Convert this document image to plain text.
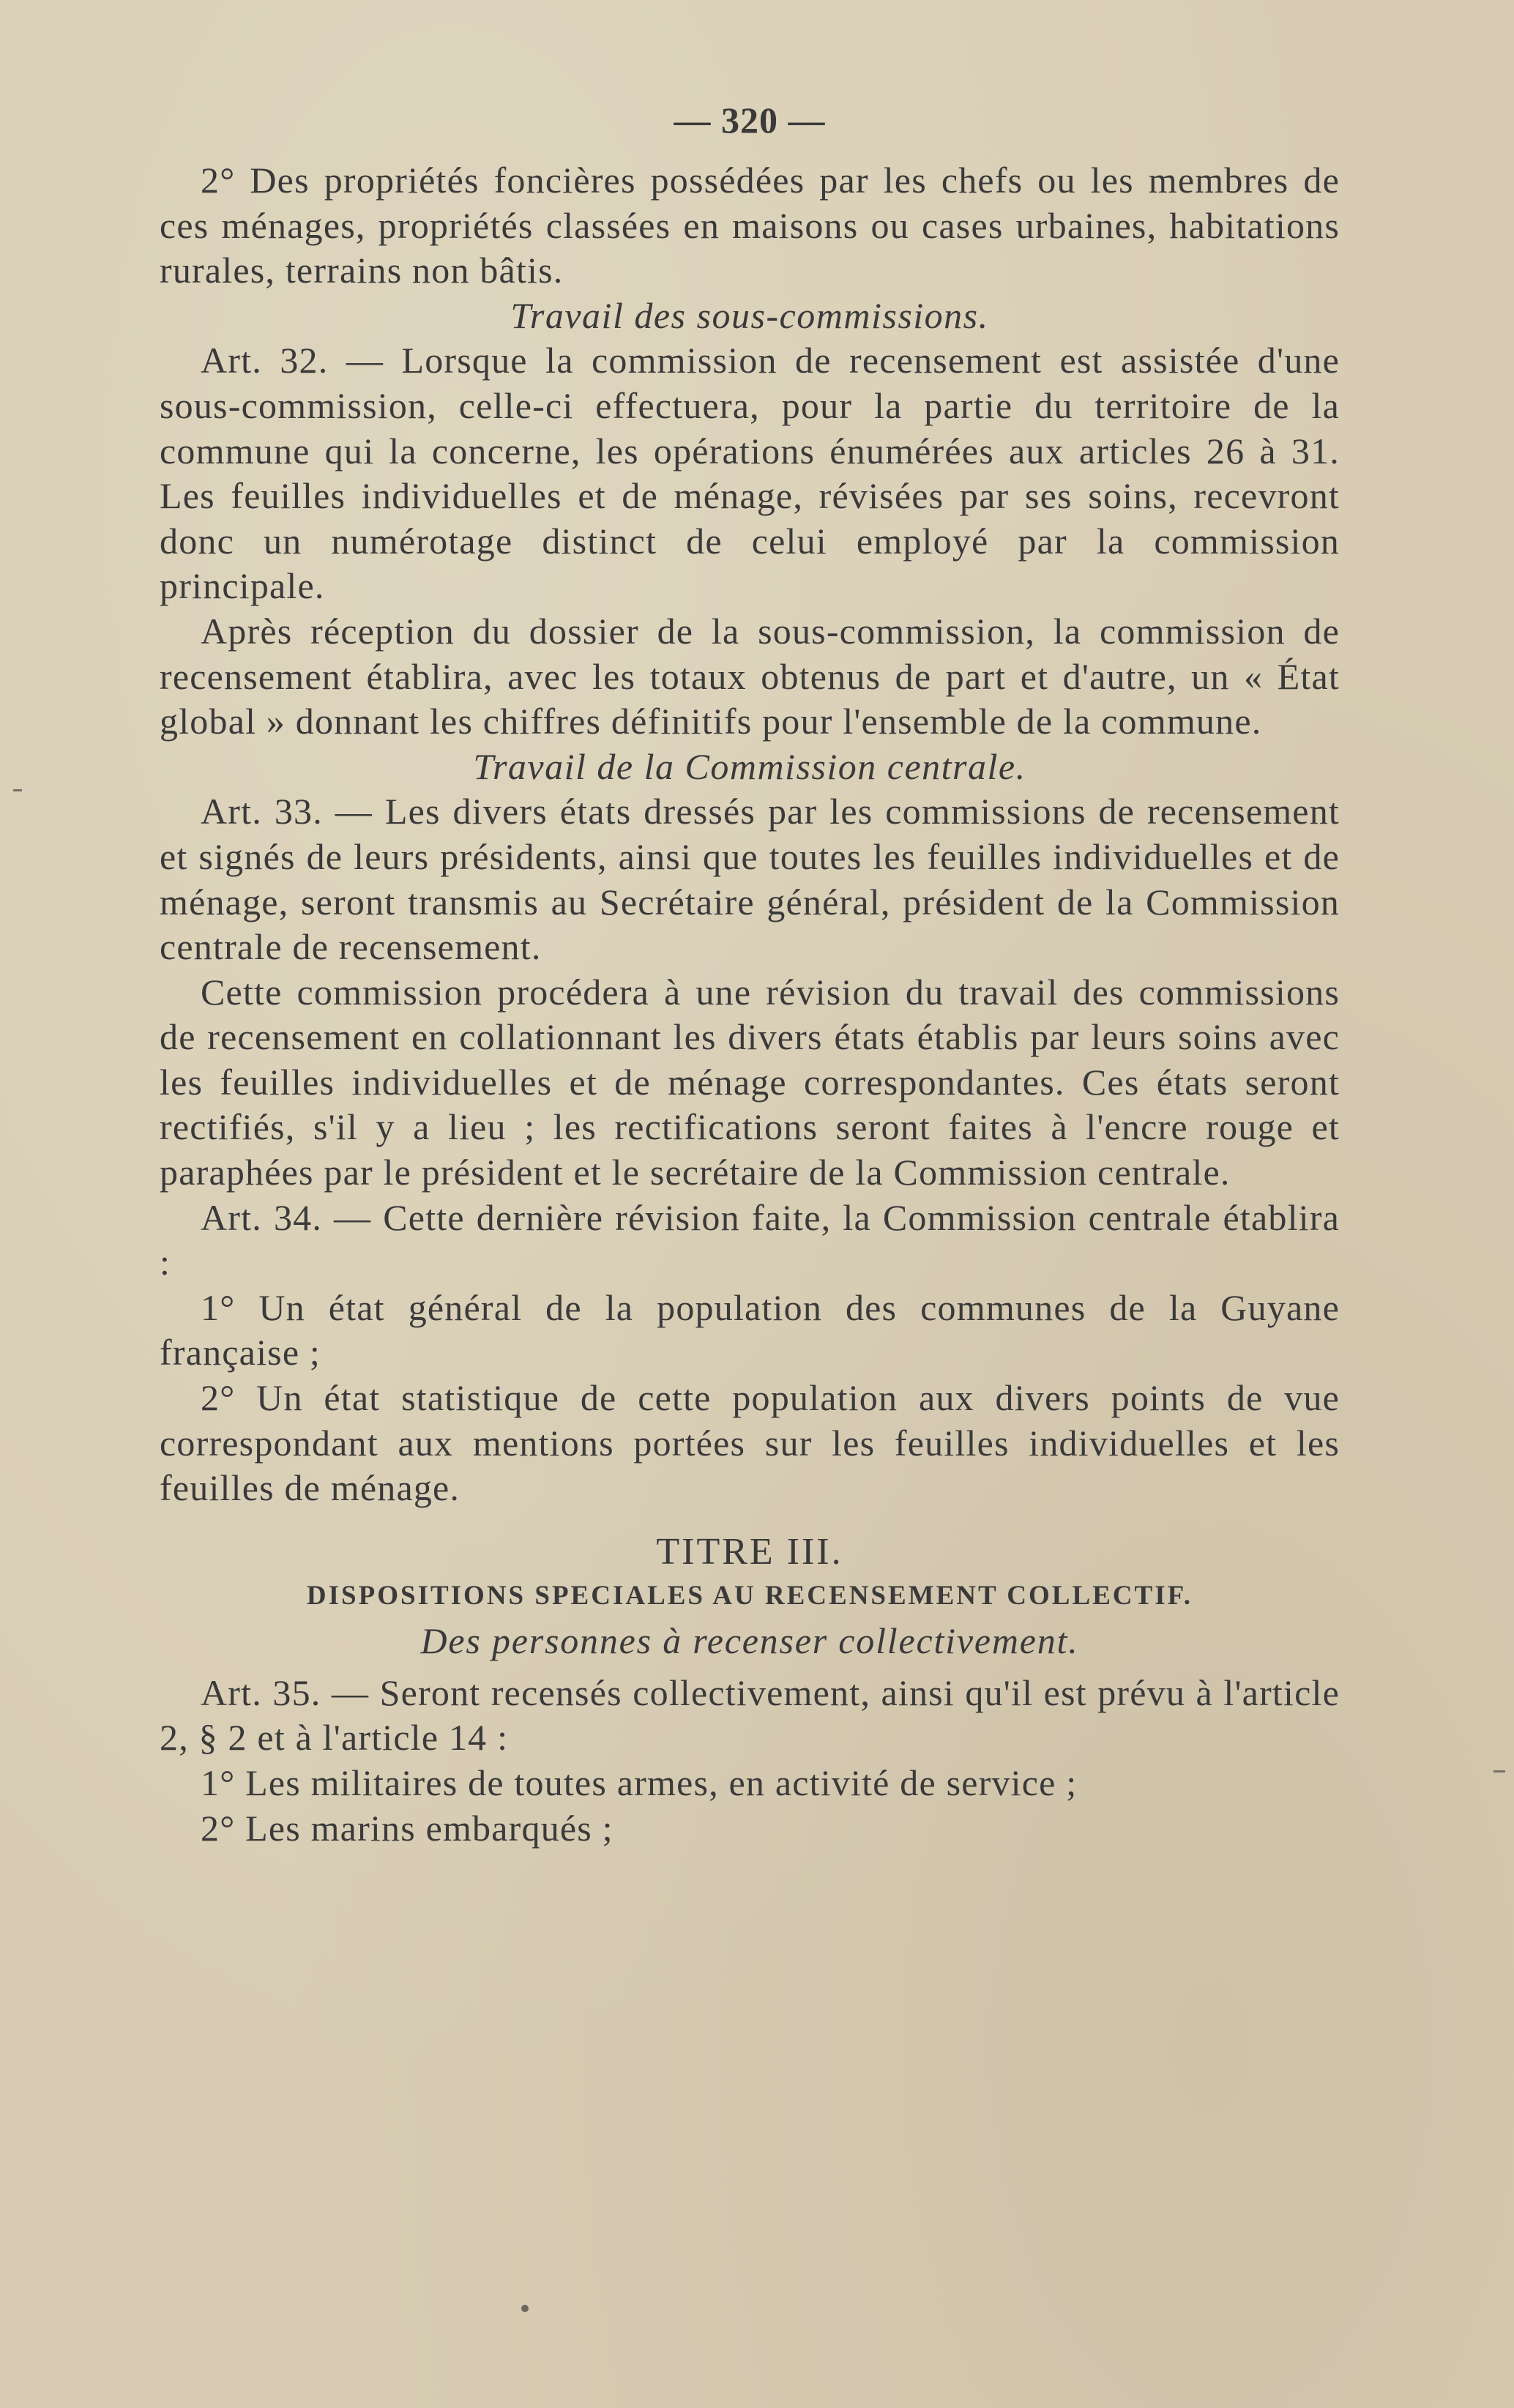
— 320 —

2° Des propriétés foncières possédées par les chefs ou les membres de ces ménages, propriétés classées en maisons ou cases urbaines, habitations rurales, terrains non bâtis.

Travail des sous-commissions.

Art. 32. — Lorsque la commission de recensement est assistée d'une sous-commission, celle-ci effectuera, pour la partie du territoire de la commune qui la concerne, les opérations énumérées aux articles 26 à 31. Les feuilles individuelles et de ménage, révisées par ses soins, recevront donc un numérotage distinct de celui employé par la commission principale.

Après réception du dossier de la sous-commission, la commission de recensement établira, avec les totaux obtenus de part et d'autre, un « État global » donnant les chiffres définitifs pour l'ensemble de la commune.

Travail de la Commission centrale.

Art. 33. — Les divers états dressés par les commissions de recensement et signés de leurs présidents, ainsi que toutes les feuilles individuelles et de ménage, seront transmis au Secrétaire général, président de la Commission centrale de recensement.

Cette commission procédera à une révision du travail des commissions de recensement en collationnant les divers états établis par leurs soins avec les feuilles individuelles et de ménage correspondantes. Ces états seront rectifiés, s'il y a lieu ; les rectifications seront faites à l'encre rouge et paraphées par le président et le secrétaire de la Commission centrale.

Art. 34. — Cette dernière révision faite, la Commission centrale établira :

1° Un état général de la population des communes de la Guyane française ;

2° Un état statistique de cette population aux divers points de vue correspondant aux mentions portées sur les feuilles individuelles et les feuilles de ménage.

TITRE III.

DISPOSITIONS SPECIALES AU RECENSEMENT COLLECTIF.

Des personnes à recenser collectivement.

Art. 35. — Seront recensés collectivement, ainsi qu'il est prévu à l'article 2, § 2 et à l'article 14 :

1° Les militaires de toutes armes, en activité de service ;

2° Les marins embarqués ;
